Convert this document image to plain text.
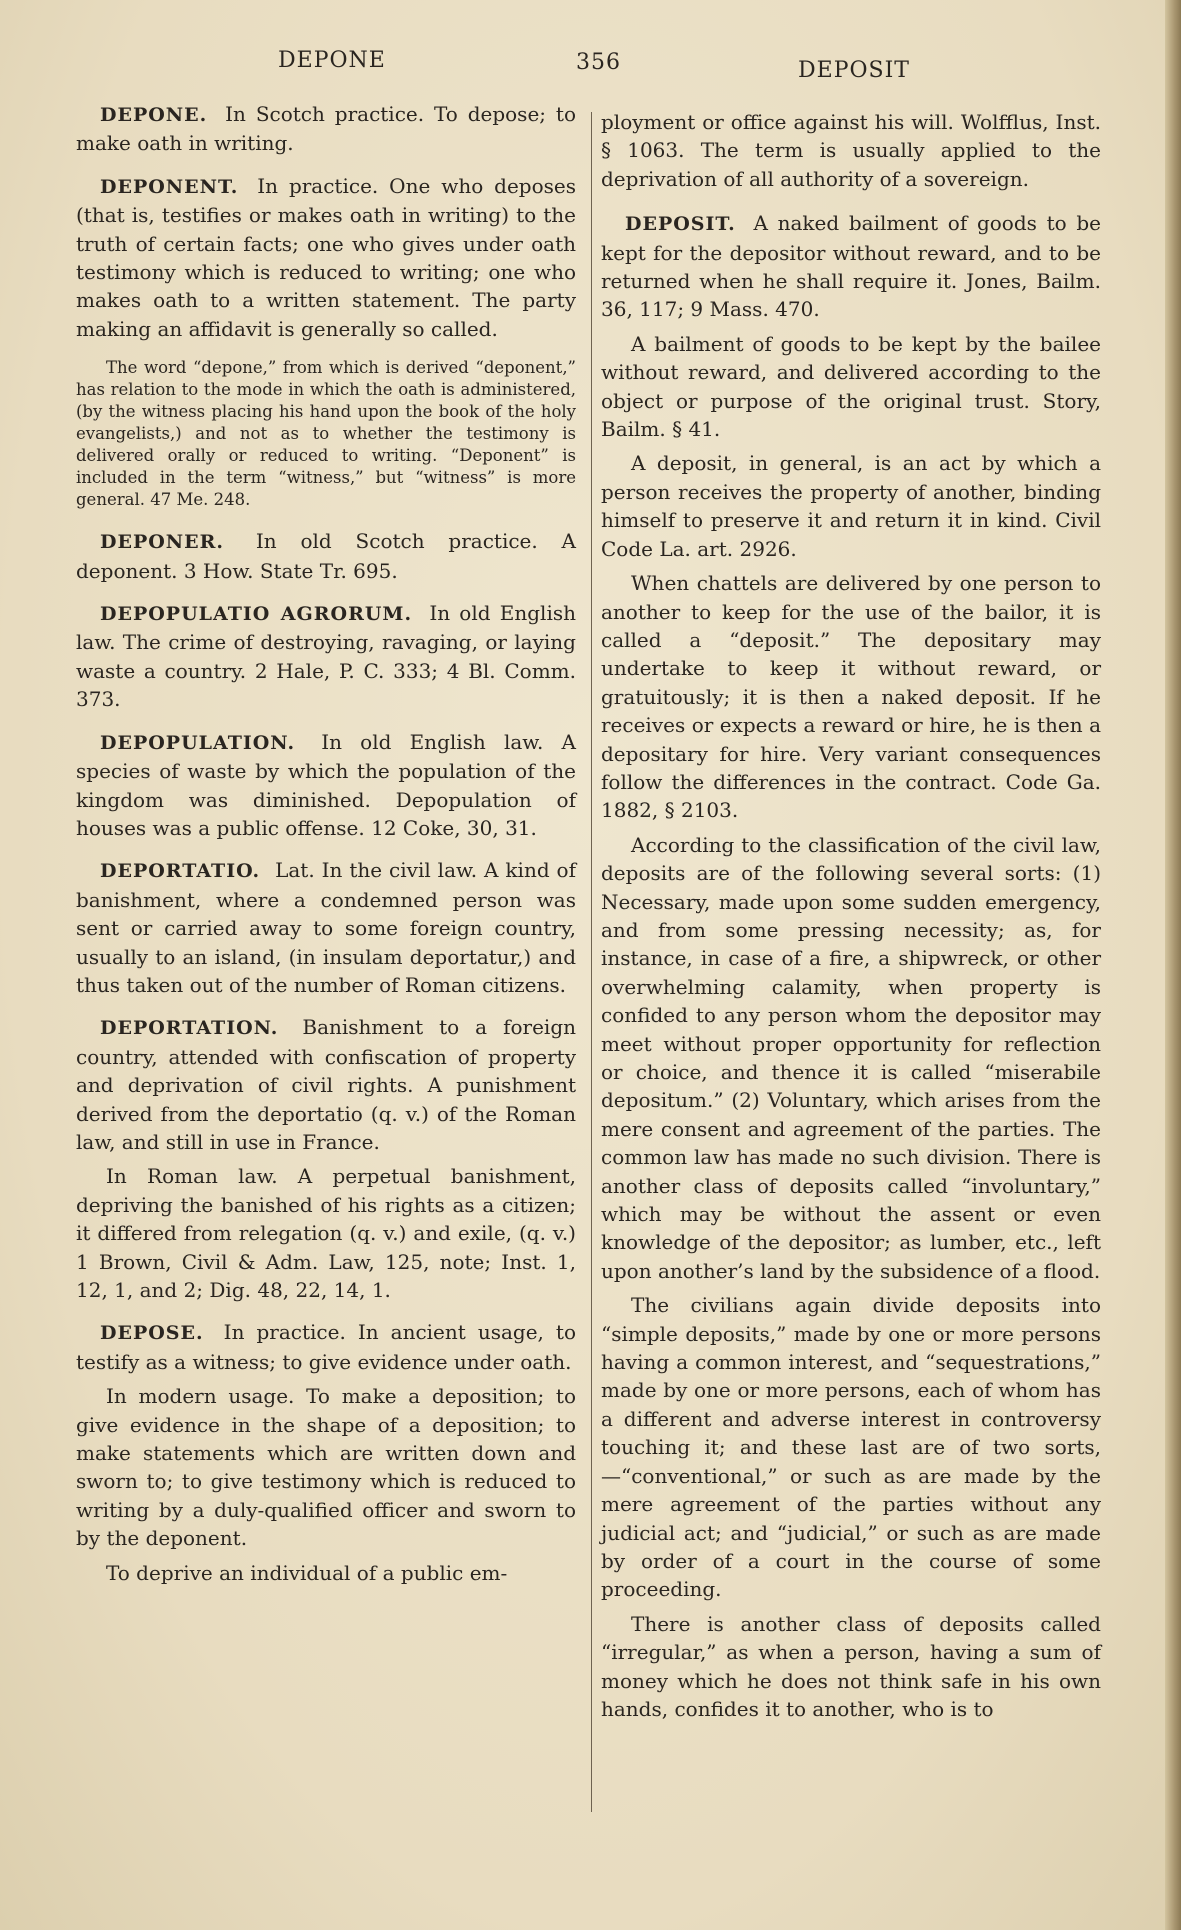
DEPONE	356	DEPOSIT

DEPONE. In Scotch practice. To depose; to make oath in writing.

DEPONENT. In practice. One who deposes (that is, testifies or makes oath in writing) to the truth of certain facts; one who gives under oath testimony which is reduced to writing; one who makes oath to a written statement. The party making an affidavit is generally so called.

The word “depone,” from which is derived “deponent,” has relation to the mode in which the oath is administered, (by the witness placing his hand upon the book of the holy evangelists,) and not as to whether the testimony is delivered orally or reduced to writing. “Deponent” is included in the term “witness,” but “witness” is more general. 47 Me. 248.

DEPONER. In old Scotch practice. A deponent. 3 How. State Tr. 695.

DEPOPULATIO AGRORUM. In old English law. The crime of destroying, ravaging, or laying waste a country. 2 Hale, P. C. 333; 4 Bl. Comm. 373.

DEPOPULATION. In old English law. A species of waste by which the population of the kingdom was diminished. Depopulation of houses was a public offense. 12 Coke, 30, 31.

DEPORTATIO. Lat. In the civil law. A kind of banishment, where a condemned person was sent or carried away to some foreign country, usually to an island, (in insulam deportatur,) and thus taken out of the number of Roman citizens.

DEPORTATION. Banishment to a foreign country, attended with confiscation of property and deprivation of civil rights. A punishment derived from the deportatio (q. v.) of the Roman law, and still in use in France.

In Roman law. A perpetual banishment, depriving the banished of his rights as a citizen; it differed from relegation (q. v.) and exile, (q. v.) 1 Brown, Civil & Adm. Law, 125, note; Inst. 1, 12, 1, and 2; Dig. 48, 22, 14, 1.

DEPOSE. In practice. In ancient usage, to testify as a witness; to give evidence under oath.

In modern usage. To make a deposition; to give evidence in the shape of a deposition; to make statements which are written down and sworn to; to give testimony which is reduced to writing by a duly-qualified officer and sworn to by the deponent.

To deprive an individual of a public em-

ployment or office against his will. Wolfflus, Inst. § 1063. The term is usually applied to the deprivation of all authority of a sovereign.

DEPOSIT. A naked bailment of goods to be kept for the depositor without reward, and to be returned when he shall require it. Jones, Bailm. 36, 117; 9 Mass. 470.

A bailment of goods to be kept by the bailee without reward, and delivered according to the object or purpose of the original trust. Story, Bailm. § 41.

A deposit, in general, is an act by which a person receives the property of another, binding himself to preserve it and return it in kind. Civil Code La. art. 2926.

When chattels are delivered by one person to another to keep for the use of the bailor, it is called a “deposit.” The depositary may undertake to keep it without reward, or gratuitously; it is then a naked deposit. If he receives or expects a reward or hire, he is then a depositary for hire. Very variant consequences follow the differences in the contract. Code Ga. 1882, § 2103.

According to the classification of the civil law, deposits are of the following several sorts: (1) Necessary, made upon some sudden emergency, and from some pressing necessity; as, for instance, in case of a fire, a shipwreck, or other overwhelming calamity, when property is confided to any person whom the depositor may meet without proper opportunity for reflection or choice, and thence it is called “miserabile depositum.” (2) Voluntary, which arises from the mere consent and agreement of the parties. The common law has made no such division. There is another class of deposits called “involuntary,” which may be without the assent or even knowledge of the depositor; as lumber, etc., left upon another’s land by the subsidence of a flood.

The civilians again divide deposits into “simple deposits,” made by one or more persons having a common interest, and “sequestrations,” made by one or more persons, each of whom has a different and adverse interest in controversy touching it; and these last are of two sorts,—“conventional,” or such as are made by the mere agreement of the parties without any judicial act; and “judicial,” or such as are made by order of a court in the course of some proceeding.

There is another class of deposits called “irregular,” as when a person, having a sum of money which he does not think safe in his own hands, confides it to another, who is to
